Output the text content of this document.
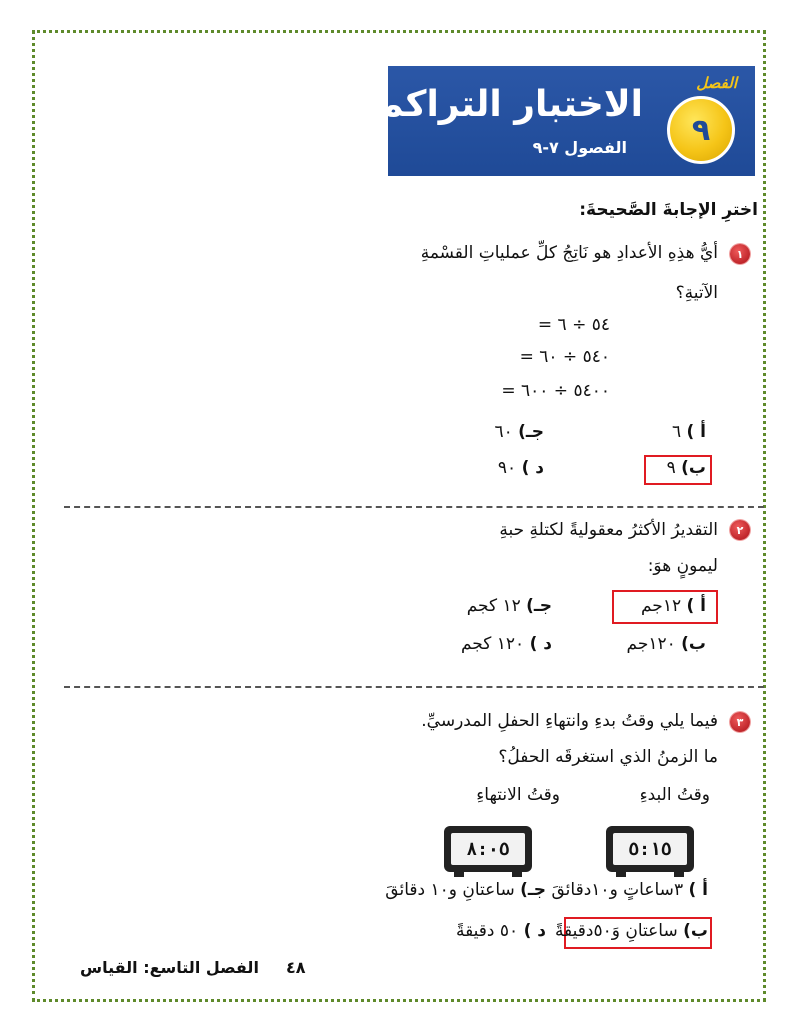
الفصل
٩
الاختبار التراكمي
الفصول ٧-٩
اخترِ الإجابةَ الصَّحيحةَ:
١
أيُّ هذِهِ الأعدادِ هو نَاتِجُ كلِّ عملياتِ القسْمةِ
الآتيةِ؟
٥٤ ÷ ٦ =
٥٤٠ ÷ ٦٠ =
٥٤٠٠ ÷ ٦٠٠ =
أ ) ٦
ب) ٩
جـ) ٦٠
د ) ٩٠
٢
التقديرُ الأكثرُ معقوليةً لكتلةِ حبةِ
ليمونٍ هوَ:
أ ) ١٢جم
ب) ١٢٠جم
جـ) ١٢ كجم
د ) ١٢٠ كجم
٣
فيما يلي وقتُ بدءِ وانتهاءِ الحفلِ المدرسيِّ.
ما الزمنُ الذي استغرقَه الحفلُ؟
وقتُ البدءِ
وقتُ الانتهاءِ
٥:١٥
٨:٠٥
أ ) ٣ساعاتٍ و١٠دقائقَ
ب) ساعتانِ وَ٥٠دقيقةً
جـ) ساعتانِ و١٠ دقائقَ
د ) ٥٠ دقيقةً
الفصل التاسع: القياس	٤٨
